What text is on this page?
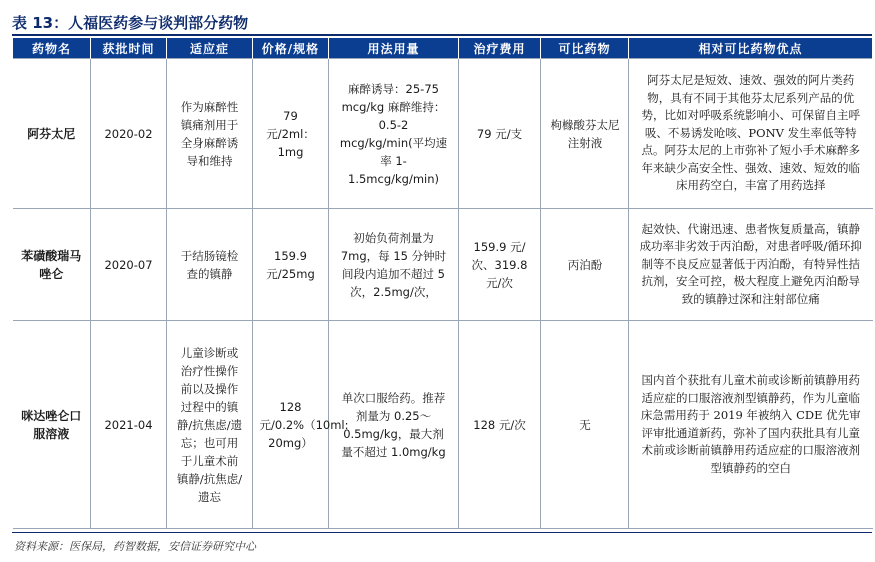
表 13：人福医药参与谈判部分药物
药物名	获批时间	适应症	价格/规格	用法用量	治疗费用	可比药物	相对可比药物优点
阿芬太尼	2020-02	作为麻醉性镇痛剂用于全身麻醉诱导和维持	79 元/2ml：1mg	麻醉诱导：25-75 mcg/kg 麻醉维持：0.5-2 mcg/kg/min(平均速率 1-1.5mcg/kg/min)	79 元/支	枸橼酸芬太尼注射液	阿芬太尼是短效、速效、强效的阿片类药物，具有不同于其他芬太尼系列产品的优势，比如对呼吸系统影响小、可保留自主呼吸、不易诱发呛咳、PONV 发生率低等特点。阿芬太尼的上市弥补了短小手术麻醉多年来缺少高安全性、强效、速效、短效的临床用药空白，丰富了用药选择

苯磺酸瑞马唑仑	2020-07	于结肠镜检查的镇静	159.9 元/25mg	初始负荷剂量为 7mg，每 15 分钟时间段内追加不超过 5 次，2.5mg/次，	159.9 元/次、319.8 元/次	丙泊酚	起效快、代谢迅速、患者恢复质量高，镇静成功率非劣效于丙泊酚，对患者呼吸/循环抑制等不良反应显著低于丙泊酚，有特异性拮抗剂，安全可控，极大程度上避免丙泊酚导致的镇静过深和注射部位痛

咪达唑仑口服溶液	2021-04	儿童诊断或治疗性操作前以及操作过程中的镇静/抗焦虑/遗忘；也可用于儿童术前镇静/抗焦虑/遗忘	128 元/0.2%（10ml: 20mg）	单次口服给药。推荐剂量为 0.25～0.5mg/kg，最大剂量不超过 1.0mg/kg	128 元/次	无	国内首个获批有儿童术前或诊断前镇静用药适应症的口服溶液剂型镇静药，作为儿童临床急需用药于 2019 年被纳入 CDE 优先审评审批通道新药，弥补了国内获批具有儿童术前或诊断前镇静用药适应症的口服溶液剂型镇静药的空白
资料来源：医保局，药智数据，安信证券研究中心
